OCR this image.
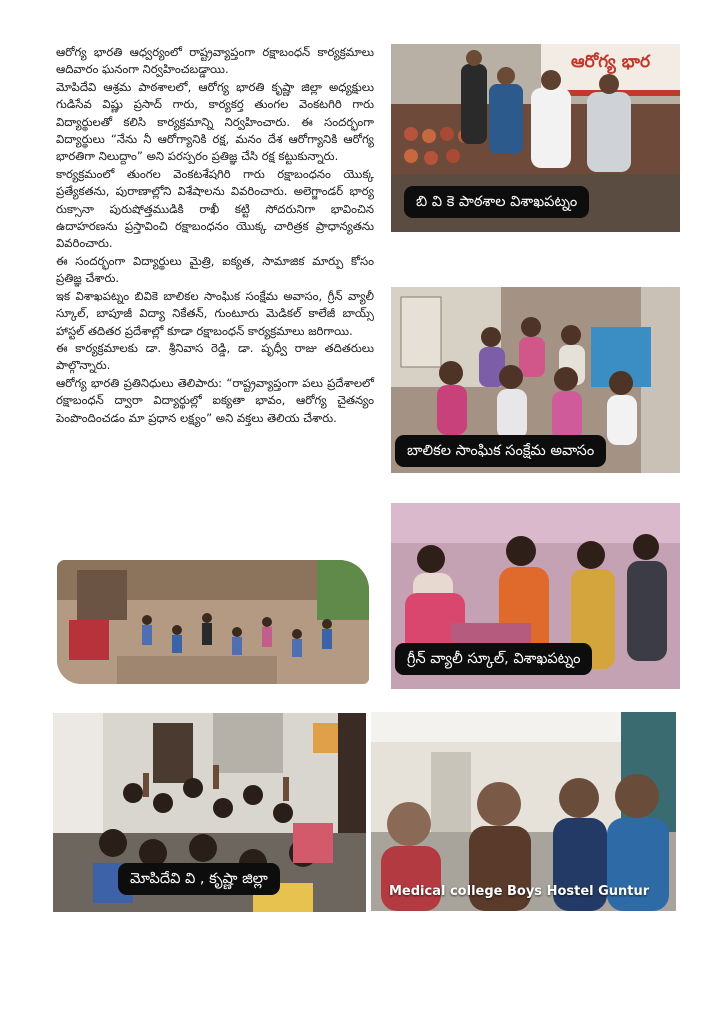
ఆరోగ్య భారతి ఆధ్వర్యంలో రాష్ట్రవ్యాప్తంగా రక్షాబంధన్ కార్యక్రమాలు ఆదివారం ఘనంగా నిర్వహించబడ్డాయి.

మోపిదేవి ఆశ్రమ పాఠశాలలో, ఆరోగ్య భారతి కృష్ణా జిల్లా అధ్యక్షులు గుడిసేవ విష్ణు ప్రసాద్ గారు, కార్యకర్త తుంగల వెంకటగిరి గారు విద్యార్థులతో కలిసి కార్యక్రమాన్ని నిర్వహించారు. ఈ సందర్భంగా విద్యార్థులు “నేను నీ ఆరోగ్యానికి రక్ష, మనం దేశ ఆరోగ్యానికి ఆరోగ్య భారతిగా నిలుద్దాం” అని పరస్పరం ప్రతిజ్ఞ చేసి రక్ష కట్టుకున్నారు.

కార్యక్రమంలో తుంగల వెంకటశేషగిరి గారు రక్షాబంధనం యొక్క ప్రత్యేకతను, పురాణాల్లోని విశేషాలను వివరించారు. అలెగ్జాండర్ భార్య రుక్సానా పురుషోత్తముడికి రాఖీ కట్టి సోదరునిగా భావించిన ఉదాహరణను ప్రస్తావించి రక్షాబంధనం యొక్క చారిత్రక ప్రాధాన్యతను వివరించారు.

ఈ సందర్భంగా విద్యార్థులు మైత్రి, ఐక్యత, సామాజిక మార్పు కోసం ప్రతిజ్ఞ చేశారు.

ఇక విశాఖపట్నం బివికె బాలికల సాంఘిక సంక్షేమ అవాసం, గ్రీన్ వ్యాలీ స్కూల్, బాపూజీ విద్యా నికేతన్, గుంటూరు మెడికల్ కాలేజీ బాయ్స్ హాస్టల్ తదితర ప్రదేశాల్లో కూడా రక్షాబంధన్ కార్యక్రమాలు జరిగాయి.

ఈ కార్యక్రమాలకు డా. శ్రీనివాస రెడ్డి, డా. పృధ్వీ రాజు తదితరులు పాల్గొన్నారు.

ఆరోగ్య భారతి ప్రతినిధులు తెలిపారు: “రాష్ట్రవ్యాప్తంగా పలు ప్రదేశాలలో రక్షాబంధన్ ద్వారా విద్యార్థుల్లో ఐక్యతా భావం, ఆరోగ్య చైతన్యం పెంపొందించడం మా ప్రధాన లక్ష్యం” అని వక్తలు తెలియ చేశారు.

ఆరోగ్య భార
బి వి కె పాఠశాల విశాఖపట్నం
బాలికల సాంఘిక సంక్షేమ అవాసం
గ్రీన్ వ్యాలీ స్కూల్, విశాఖపట్నం
మోపిదేవి వి , కృష్ణా జిల్లా
Medical college Boys Hostel Guntur
